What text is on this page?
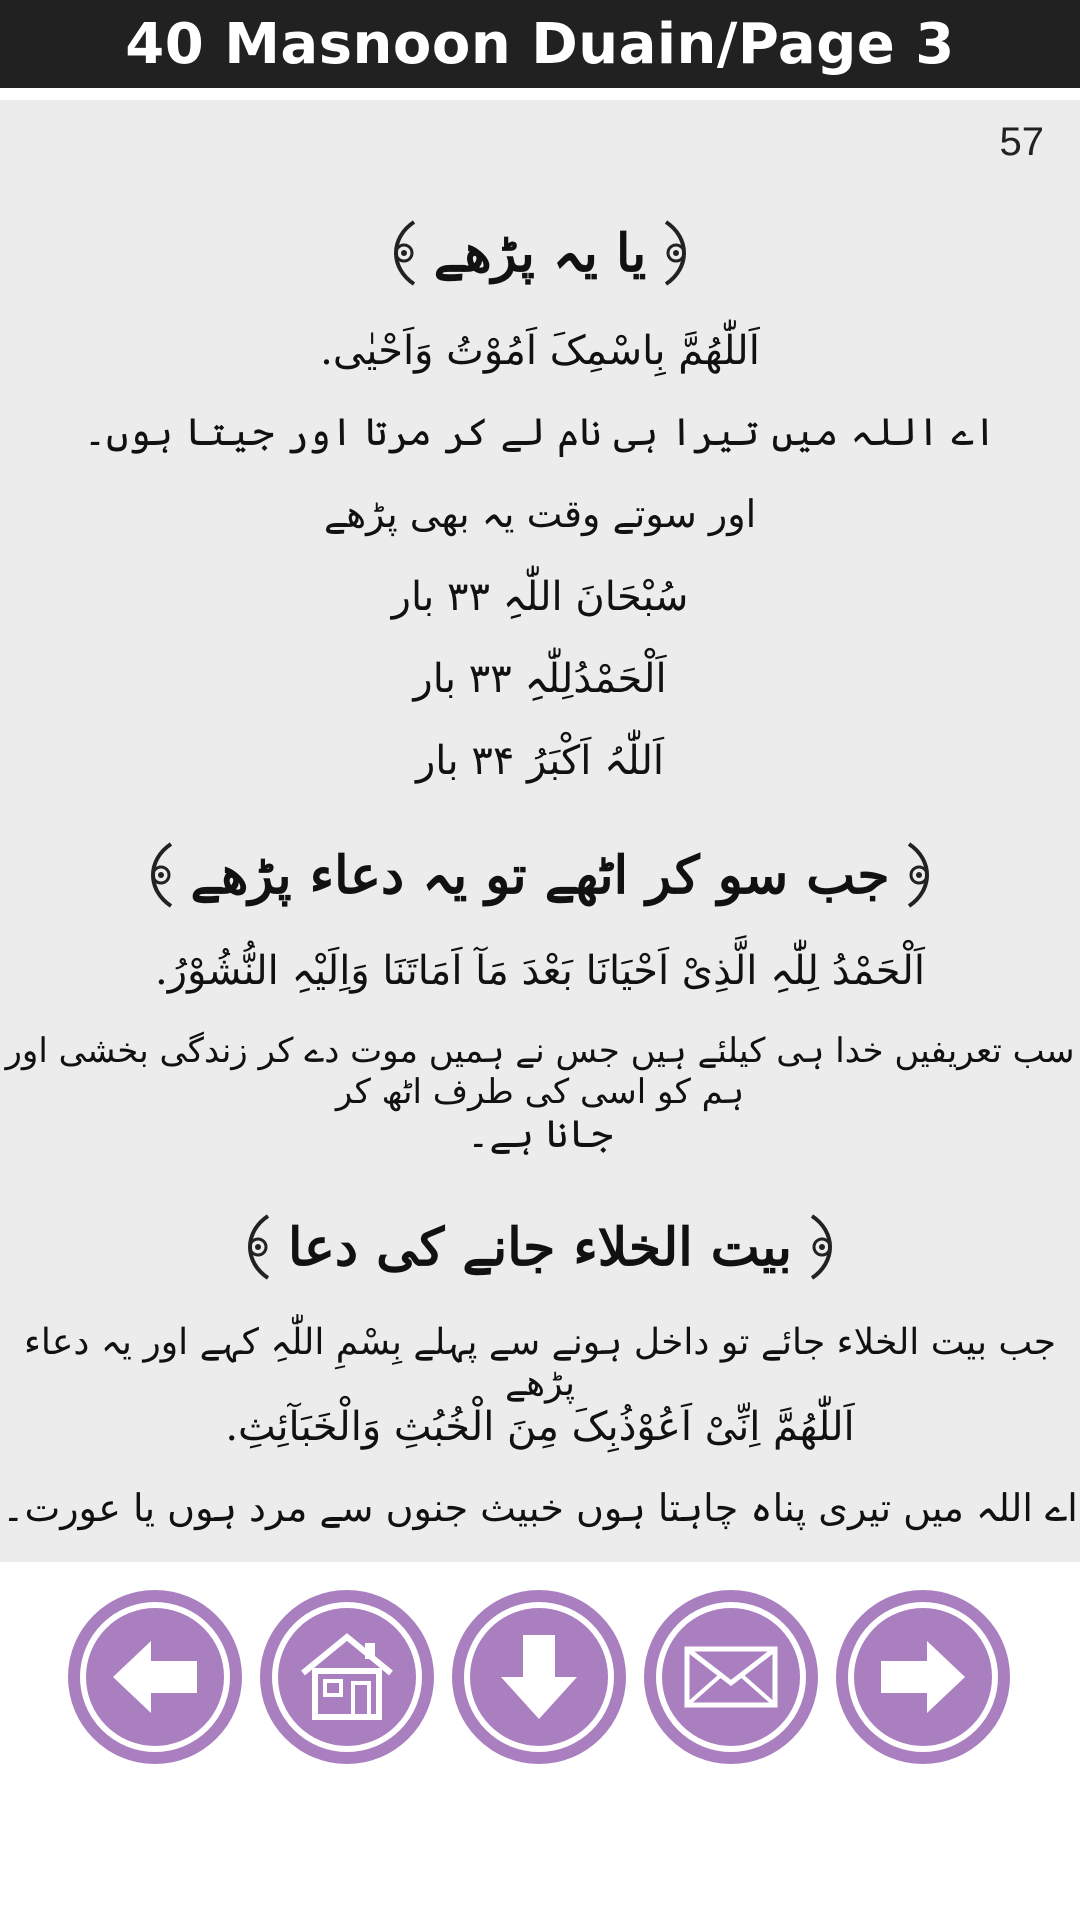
40 Masnoon Duain/Page 3
57
یا یہ پڑھے
اَللّٰھُمَّ بِاسْمِکَ اَمُوْتُ وَاَحْیٰی.
اے اللہ میں تیرا ہی نام لے کر مرتا اور جیتا ہوں۔
اور سوتے وقت یہ بھی پڑھے
سُبْحَانَ اللّٰہِ ۳۳ بار
اَلْحَمْدُلِلّٰہِ ۳۳ بار
اَللّٰہُ اَکْبَرُ ۳۴ بار
جب سو کر اٹھے تو یہ دعاء پڑھے
اَلْحَمْدُ لِلّٰہِ الَّذِیْ اَحْیَانَا بَعْدَ مَآ اَمَاتَنَا وَاِلَیْہِ النُّشُوْرُ.
سب تعریفیں خدا ہی کیلئے ہیں جس نے ہمیں موت دے کر زندگی بخشی اور ہم کو اسی کی طرف اٹھ کر
جانا ہے۔
بیت الخلاء جانے کی دعا
جب بیت الخلاء جائے تو داخل ہونے سے پہلے بِسْمِ اللّٰہِ کہے اور یہ دعاء پڑھے
اَللّٰھُمَّ اِنِّیْ اَعُوْذُبِکَ مِنَ الْخُبُثِ وَالْخَبَآئِثِ.
اے اللہ میں تیری پناہ چاہتا ہوں خبیث جنوں سے مرد ہوں یا عورت۔
